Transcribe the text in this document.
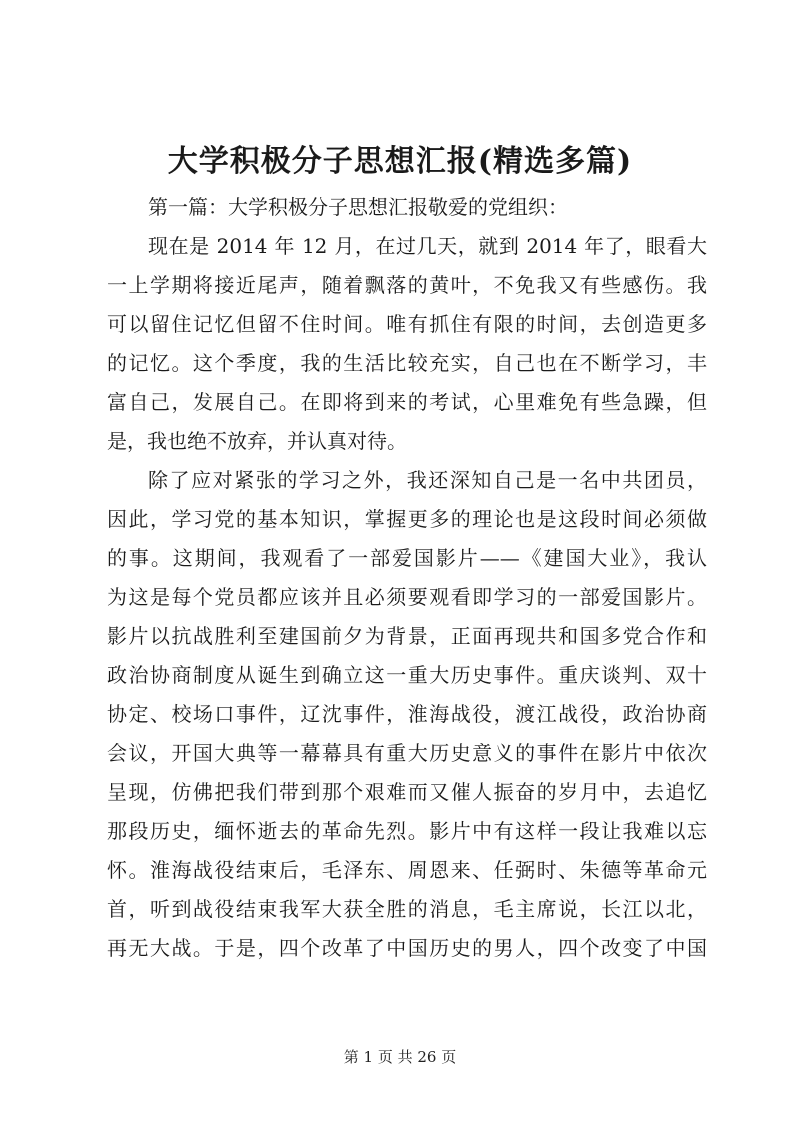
大学积极分子思想汇报(精选多篇)
第一篇：大学积极分子思想汇报敬爱的党组织：
现在是 2014 年 12 月，在过几天，就到 2014 年了，眼看大
一上学期将接近尾声，随着飘落的黄叶，不免我又有些感伤。我
可以留住记忆但留不住时间。唯有抓住有限的时间，去创造更多
的记忆。这个季度，我的生活比较充实，自己也在不断学习，丰
富自己，发展自己。在即将到来的考试，心里难免有些急躁，但
是，我也绝不放弃，并认真对待。
除了应对紧张的学习之外，我还深知自己是一名中共团员，
因此，学习党的基本知识，掌握更多的理论也是这段时间必须做
的事。这期间，我观看了一部爱国影片——《建国大业》，我认
为这是每个党员都应该并且必须要观看即学习的一部爱国影片。
影片以抗战胜利至建国前夕为背景，正面再现共和国多党合作和
政治协商制度从诞生到确立这一重大历史事件。重庆谈判、双十
协定、校场口事件，辽沈事件，淮海战役，渡江战役，政治协商
会议，开国大典等一幕幕具有重大历史意义的事件在影片中依次
呈现，仿佛把我们带到那个艰难而又催人振奋的岁月中，去追忆
那段历史，缅怀逝去的革命先烈。影片中有这样一段让我难以忘
怀。淮海战役结束后，毛泽东、周恩来、任弼时、朱德等革命元
首，听到战役结束我军大获全胜的消息，毛主席说，长江以北，
再无大战。于是，四个改革了中国历史的男人，四个改变了中国
第 1 页 共 26 页
